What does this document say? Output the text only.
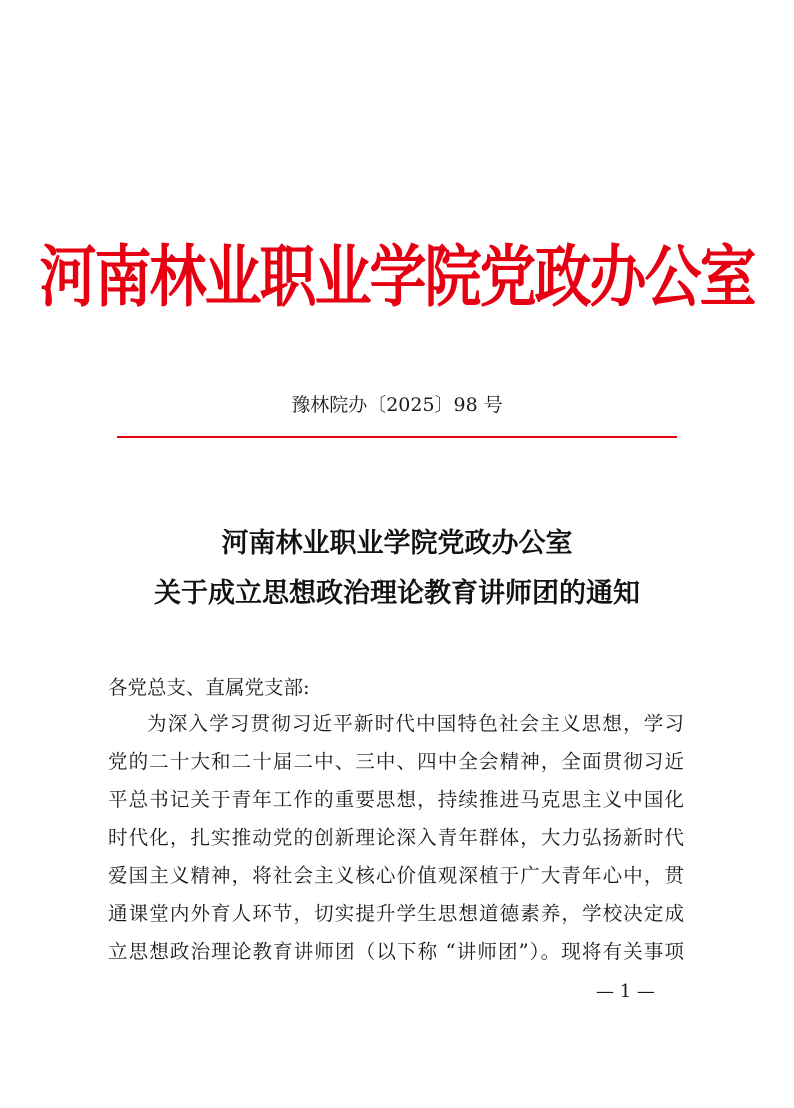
河南林业职业学院党政办公室
豫林院办〔2025〕98 号
河南林业职业学院党政办公室
关于成立思想政治理论教育讲师团的通知
各党总支、直属党支部:
为深入学习贯彻习近平新时代中国特色社会主义思想，学习
党的二十大和二十届二中、三中、四中全会精神，全面贯彻习近
平总书记关于青年工作的重要思想，持续推进马克思主义中国化
时代化，扎实推动党的创新理论深入青年群体，大力弘扬新时代
爱国主义精神，将社会主义核心价值观深植于广大青年心中，贯
通课堂内外育人环节，切实提升学生思想道德素养，学校决定成
立思想政治理论教育讲师团（以下称 “讲师团”）。现将有关事项
— 1 —
